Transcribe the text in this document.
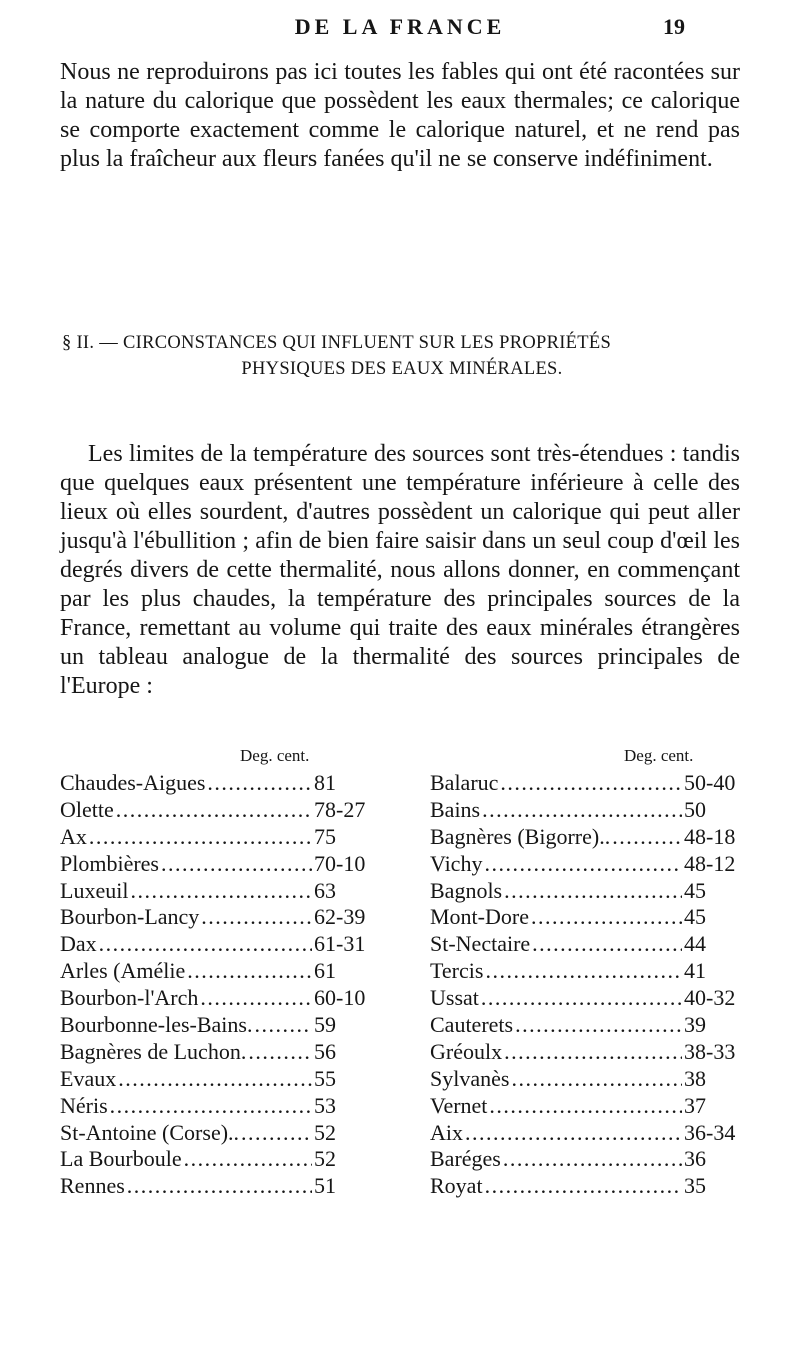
DE LA FRANCE	19

Nous ne reproduirons pas ici toutes les fables qui ont été racontées sur la nature du calorique que possèdent les eaux thermales; ce calorique se comporte exactement comme le calorique naturel, et ne rend pas plus la fraîcheur aux fleurs fanées qu'il ne se conserve indéfiniment.

§ II. — CIRCONSTANCES QUI INFLUENT SUR LES PROPRIÉTÉS
PHYSIQUES DES EAUX MINÉRALES.

Les limites de la température des sources sont très-étendues : tandis que quelques eaux présentent une température inférieure à celle des lieux où elles sourdent, d'autres possèdent un calorique qui peut aller jusqu'à l'ébullition ; afin de bien faire saisir dans un seul coup d'œil les degrés divers de cette thermalité, nous allons donner, en commençant par les plus chaudes, la température des principales sources de la France, remettant au volume qui traite des eaux minérales étrangères un tableau analogue de la thermalité des sources principales de l'Europe :

Deg. cent.	Deg. cent.
Chaudes-Aigues . . .	81
Olette . . .	78-27
Ax . . .	75
Plombières . . .	70-10
Luxeuil . . .	63
Bourbon-Lancy . . .	62-39
Dax . . .	61-31
Arles (Amélie . . .	61
Bourbon-l'Arch . . .	60-10
Bourbonne-les-Bains. . . .	59
Bagnères de Luchon. . . .	56
Evaux . . .	55
Néris . . .	53
St-Antoine (Corse).. . . .	52
La Bourboule . . .	52
Rennes . . .	51
Balaruc . . .	50-40
Bains . . .	50
Bagnères (Bigorre).. . . .	48-18
Vichy . . .	48-12
Bagnols . . .	45
Mont-Dore . . .	45
St-Nectaire . . .	44
Tercis . . .	41
Ussat . . .	40-32
Cauterets . . .	39
Gréoulx . . .	38-33
Sylvanès . . .	38
Vernet . . .	37
Aix . . .	36-34
Baréges . . .	36
Royat . . .	35
